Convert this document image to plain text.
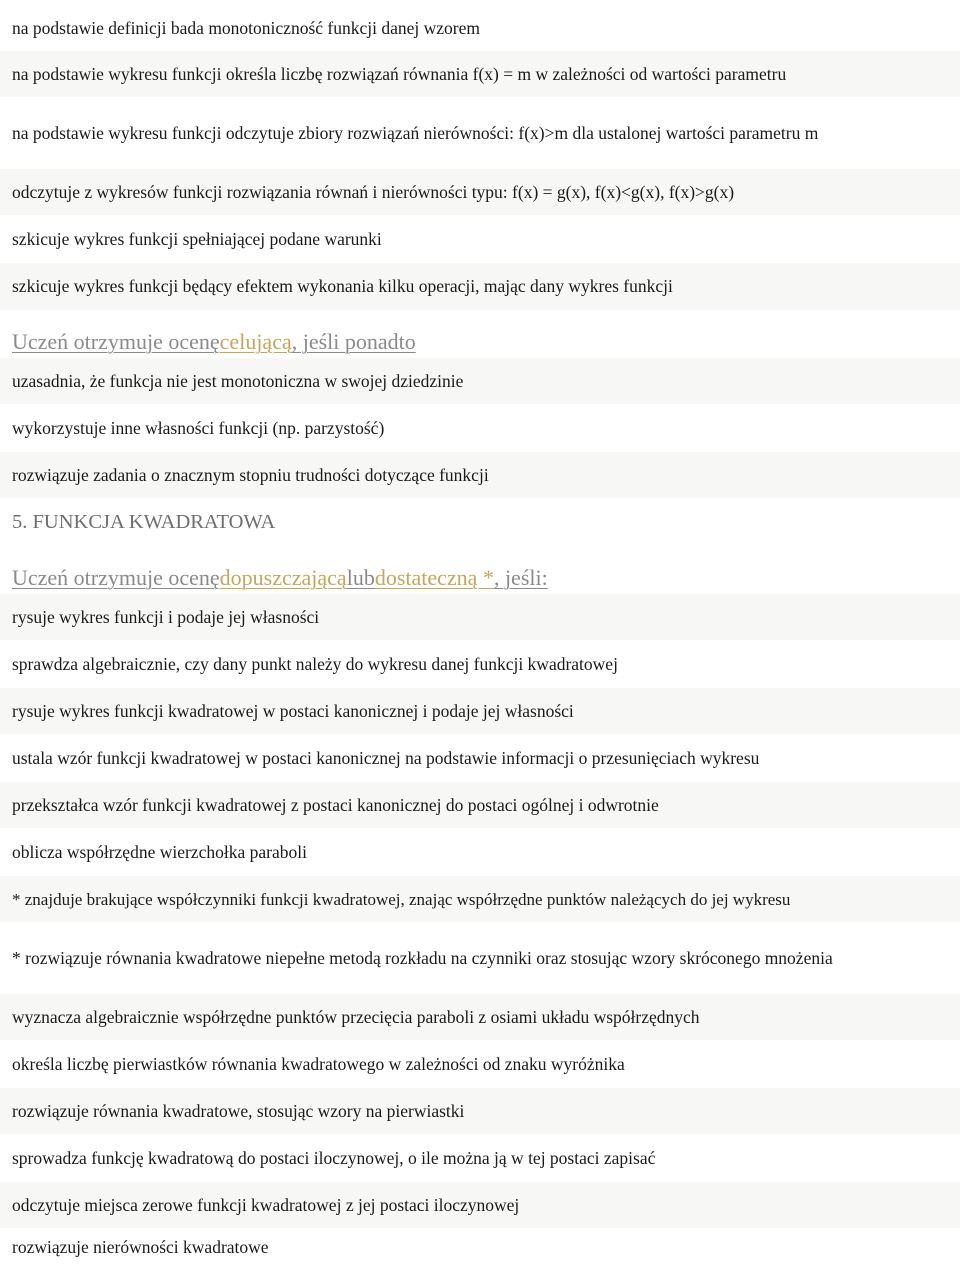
na podstawie definicji bada monotoniczność funkcji danej wzorem
na podstawie wykresu funkcji określa liczbę rozwiązań równania f(x) = m w zależności od wartości parametru
na podstawie wykresu funkcji odczytuje zbiory rozwiązań nierówności: f(x)>m dla ustalonej wartości parametru m
odczytuje z wykresów funkcji rozwiązania równań i nierówności typu: f(x) = g(x), f(x)<g(x), f(x)>g(x)
szkicuje wykres funkcji spełniającej podane warunki
szkicuje wykres funkcji będący efektem wykonania kilku operacji, mając dany wykres funkcji
Uczeń otrzymuje ocenę celującą , jeśli ponadto
uzasadnia, że funkcja nie jest monotoniczna w swojej dziedzinie
wykorzystuje inne własności funkcji (np. parzystość)
rozwiązuje zadania o znacznym stopniu trudności dotyczące funkcji
5. FUNKCJA KWADRATOWA
Uczeń otrzymuje ocenę dopuszczającą lub dostateczną * , jeśli:
rysuje wykres funkcji i podaje jej własności
sprawdza algebraicznie, czy dany punkt należy do wykresu danej funkcji kwadratowej
rysuje wykres funkcji kwadratowej w postaci kanonicznej i podaje jej własności
ustala wzór funkcji kwadratowej w postaci kanonicznej na podstawie informacji o przesunięciach wykresu
przekształca wzór funkcji kwadratowej z postaci kanonicznej do postaci ogólnej i odwrotnie
oblicza współrzędne wierzchołka paraboli
* znajduje brakujące współczynniki funkcji kwadratowej, znając współrzędne punktów należących do jej wykresu
* rozwiązuje równania kwadratowe niepełne metodą rozkładu na czynniki oraz stosując wzory skróconego mnożenia
wyznacza algebraicznie współrzędne punktów przecięcia paraboli z osiami układu współrzędnych
określa liczbę pierwiastków równania kwadratowego w zależności od znaku wyróżnika
rozwiązuje równania kwadratowe, stosując wzory na pierwiastki
sprowadza funkcję kwadratową do postaci iloczynowej, o ile można ją w tej postaci zapisać
odczytuje miejsca zerowe funkcji kwadratowej z jej postaci iloczynowej
rozwiązuje nierówności kwadratowe
